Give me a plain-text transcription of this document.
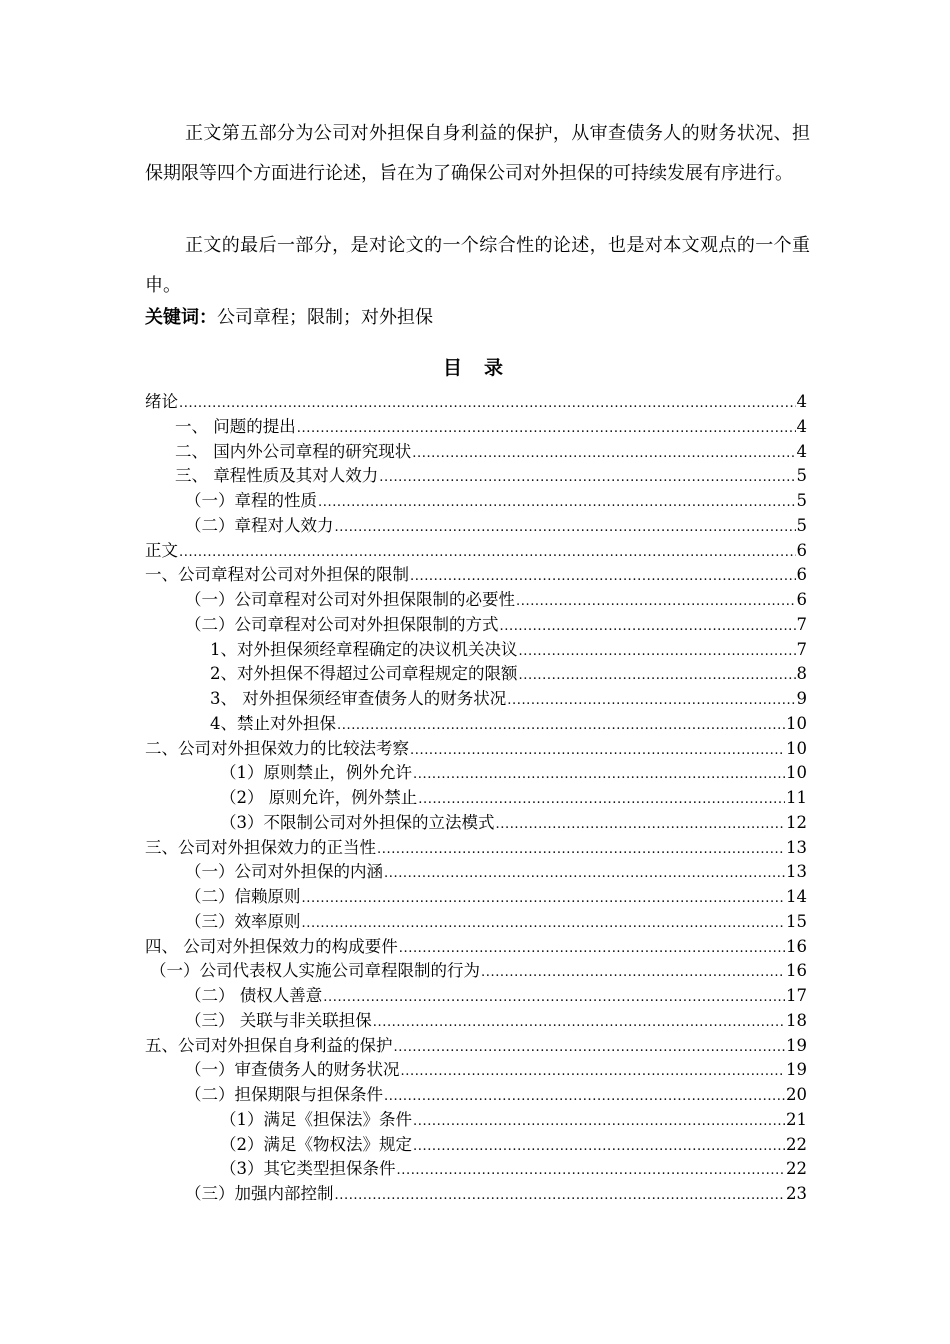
正文第五部分为公司对外担保自身利益的保护，从审查债务人的财务状况、担保期限等四个方面进行论述，旨在为了确保公司对外担保的可持续发展有序进行。

正文的最后一部分，是对论文的一个综合性的论述，也是对本文观点的一个重申。

关键词：公司章程；限制；对外担保
目 录
绪论 .....	4
一、 问题的提出 .....	4
二、 国内外公司章程的研究现状 .....	4
三、 章程性质及其对人效力 .....	5
（一）章程的性质 .....	5
（二）章程对人效力 .....	5
正文 .....	6
一、公司章程对公司对外担保的限制 .....	6
（一）公司章程对公司对外担保限制的必要性 .....	6
（二）公司章程对公司对外担保限制的方式 .....	7
1、对外担保须经章程确定的决议机关决议 .....	7
2、对外担保不得超过公司章程规定的限额 .....	8
3、 对外担保须经审查债务人的财务状况 .....	9
4、禁止对外担保 .....	10
二、公司对外担保效力的比较法考察 .....	10
（1）原则禁止，例外允许 .....	10
（2） 原则允许，例外禁止 .....	11
（3）不限制公司对外担保的立法模式 .....	12
三、公司对外担保效力的正当性 .....	13
（一）公司对外担保的内涵 .....	13
（二）信赖原则 .....	14
（三）效率原则 .....	15
四、 公司对外担保效力的构成要件 .....	16
（一）公司代表权人实施公司章程限制的行为 .....	16
（二） 债权人善意 .....	17
（三） 关联与非关联担保 .....	18
五、公司对外担保自身利益的保护 .....	19
（一）审查债务人的财务状况 .....	19
（二）担保期限与担保条件 .....	20
（1）满足《担保法》条件 .....	21
（2）满足《物权法》规定 .....	22
（3）其它类型担保条件 .....	22
（三）加强内部控制 .....	23
